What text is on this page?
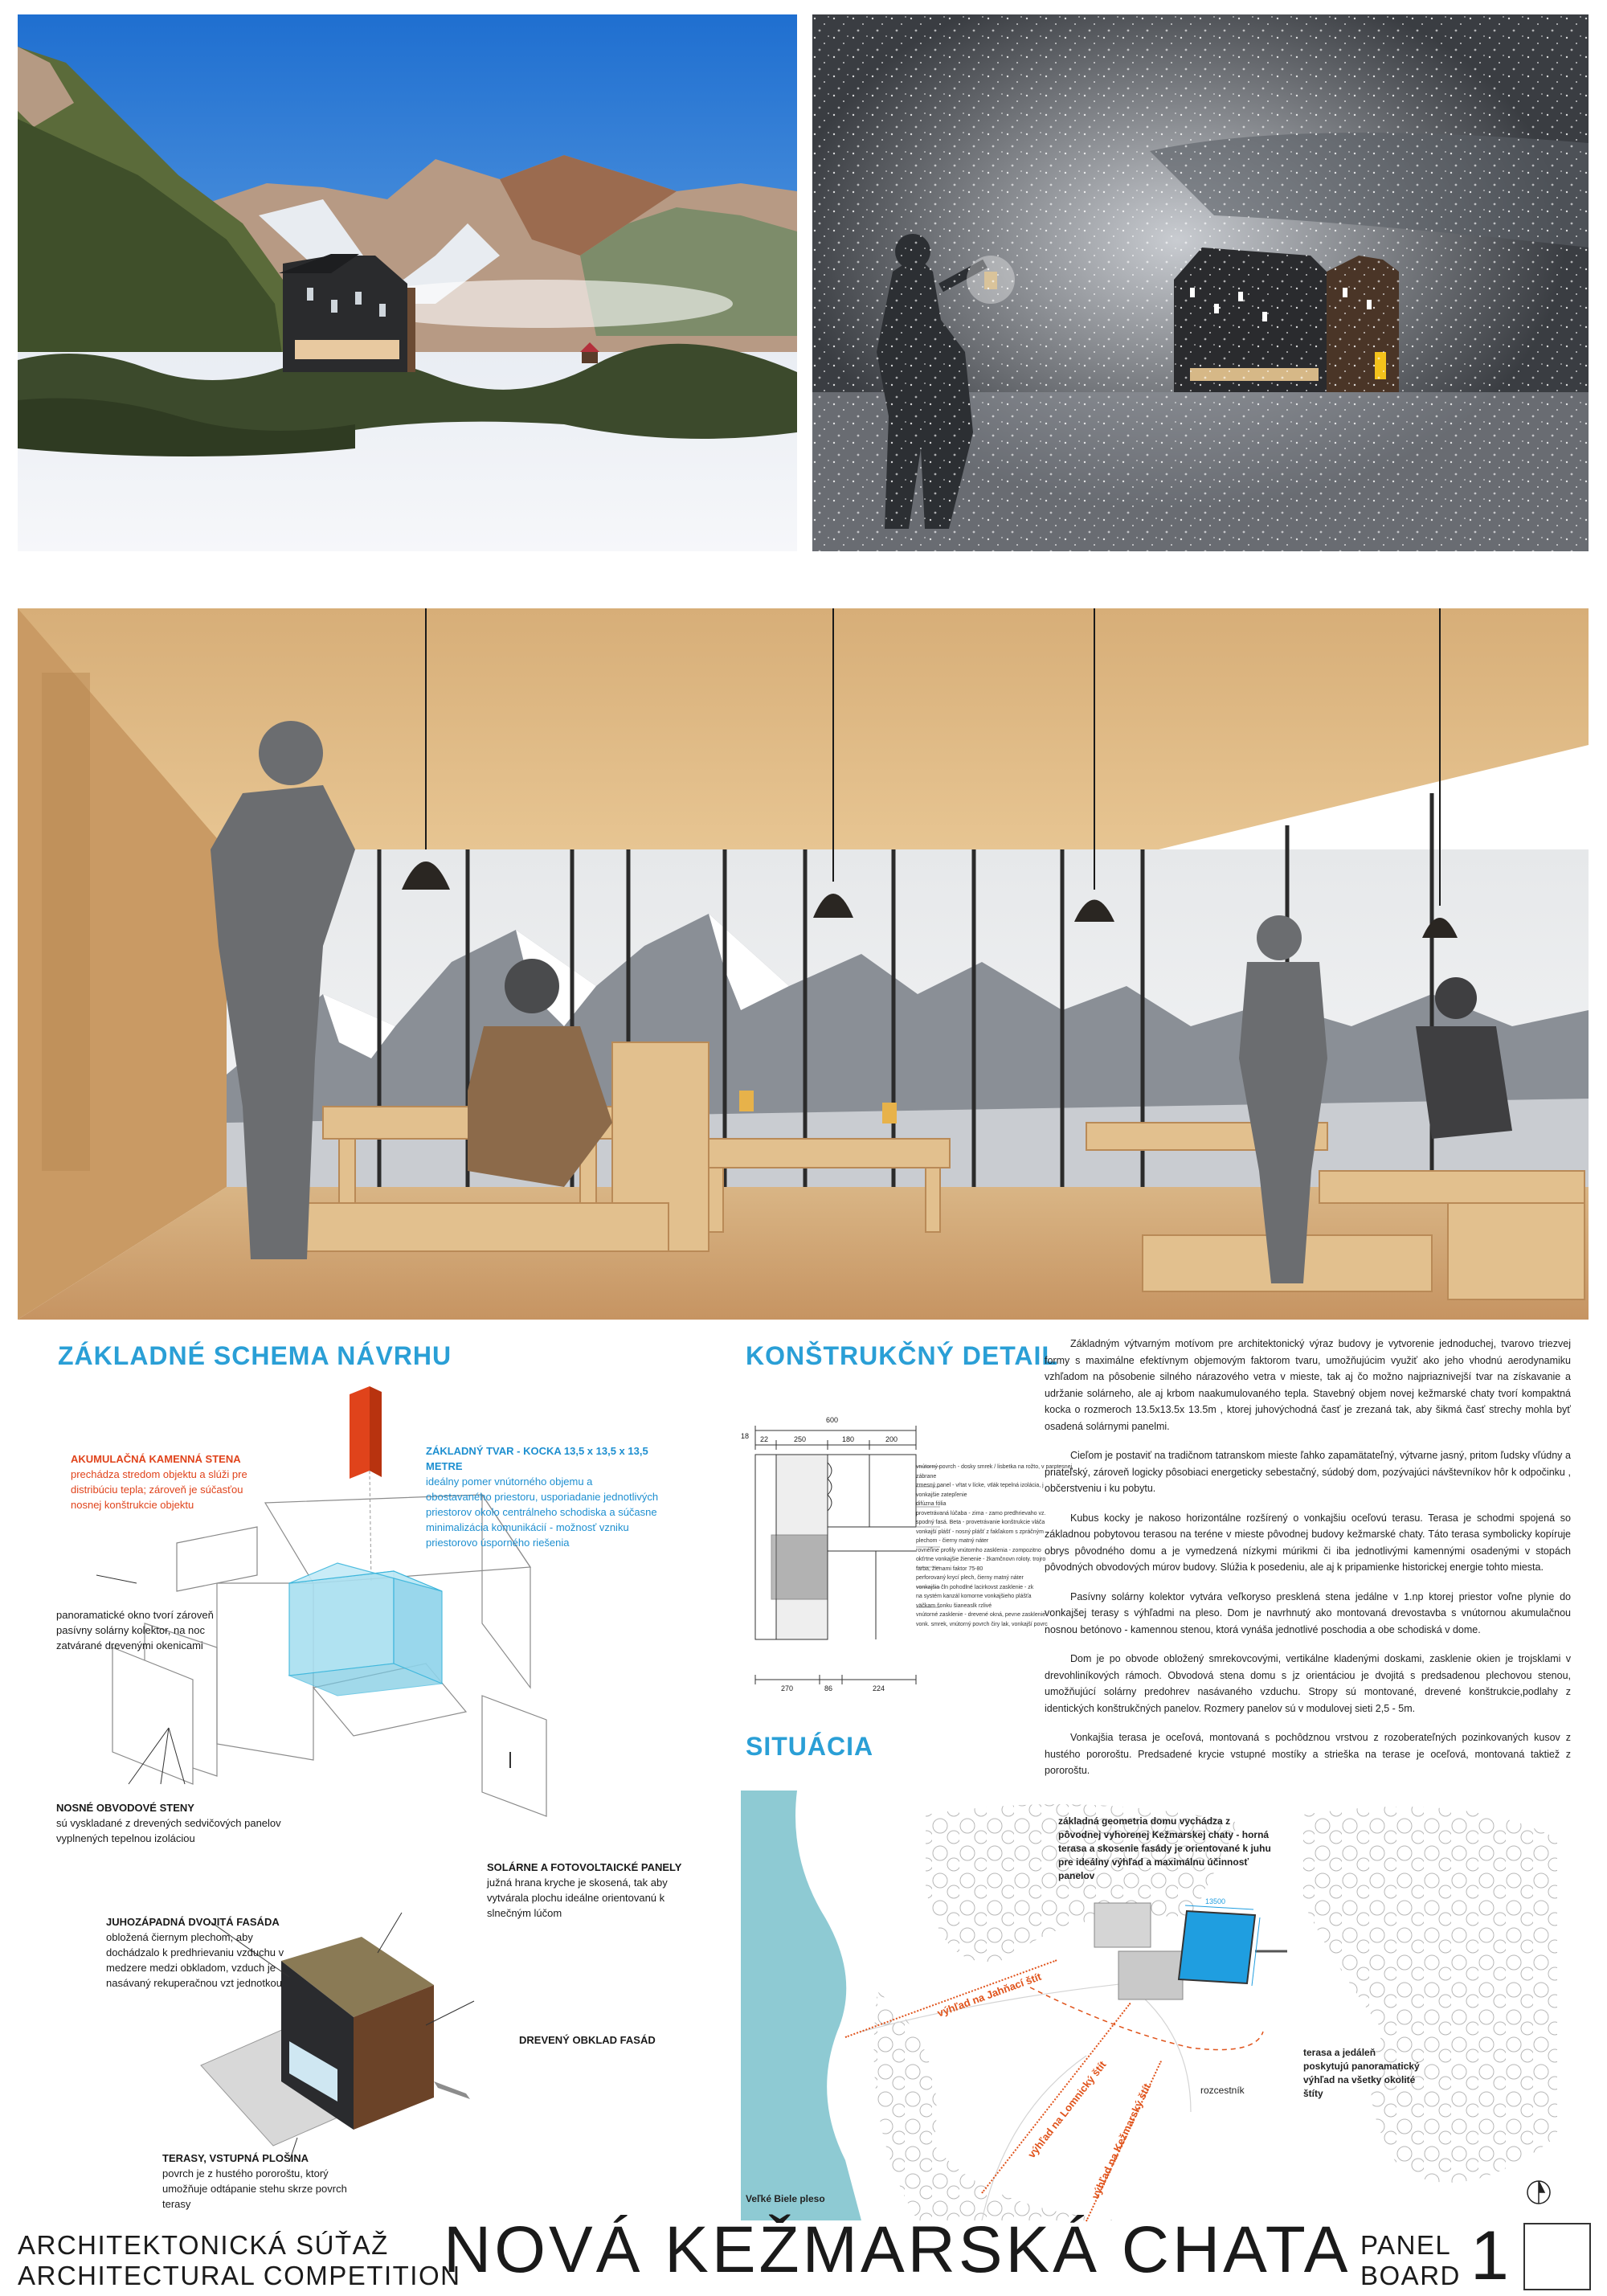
ZÁKLADNÉ SCHEMA NÁVRHU
AKUMULAČNÁ KAMENNÁ STENA
prechádza stredom objektu a slúži pre distribúciu tepla; zároveň je súčasťou nosnej konštrukcie objektu
ZÁKLADNÝ TVAR - KOCKA 13,5 x 13,5 x 13,5 METRE
ideálny pomer vnútorného objemu a obostavaného priestoru, usporiadanie jednotlivých priestorov okolo centrálneho schodiska a súčasne minimalizácia komunikácií - možnosť vzniku priestorovo úsporného riešenia
panoramatické okno tvorí zároveň pasívny solárny kolektor, na noc zatvárané drevenými okenicami
NOSNÉ OBVODOVÉ STENY
sú vyskladané z drevených sedvičových panelov vyplnených tepelnou izoláciou
SOLÁRNE A FOTOVOLTAICKÉ PANELY
južná hrana kryche je skosená, tak aby vytvárala plochu ideálne orientovanú k slnečným lúčom
JUHOZÁPADNÁ DVOJITÁ FASÁDA
obložená čiernym plechom, aby dochádzalo k predhrievaniu vzduchu v medzere medzi obkladom, vzduch je nasávaný rekuperačnou vzt jednotkou
DREVENÝ OBKLAD FASÁD
TERASY, VSTUPNÁ PLOŠINA
povrch je z hustého pororoštu, ktorý umožňuje odtápanie stehu skrze povrch terasy
KONŠTRUKČNÝ DETAIL
600
22	250	180	200
18
270	86	224
vnútorný povrch - dosky smrek / lisbetka na rožto, v parotesnej zábrane
zmesný panel - vŕtat v lícke, vtlák tepelná izolácia, j
vonkajšie zatepľenie
difúzna fólia
provetrávaná lúčaba - zima - zamo predhrievaho vz.
spodný fasá. Beta - provetrávanie konštrukcie vláča
vonkajší plášť - nosný plášť z fakľakom s zpráčným
plechom - čierny matný náter
rovnéľine profily vnútornho zasklenia - zompozitno
okťrtne vonkajšie žienenie - žkamčnovn roloty. trojro
farba, žienami faktor 75-80
perforovaný krycí plech, čierny matný náter
vonkajšia čln pohodlné lacirkovst zasklenie - zk
na systém kanzál komorne vonkajšieho plášťa
väčkam šonku šianeaslk rzlivé
vnútorné zasklenie - drevené okná, pevne zasklenie
vonk. smrek, vnútorný povrch čiry lak, vonkajší povrc

Základným výtvarným motívom pre architektonický výraz budovy je vytvorenie jednoduchej, tvarovo triezvej formy s maximálne efektívnym objemovým faktorom tvaru, umožňujúcim využiť ako jeho vhodnú aerodynamiku vzhľadom na pôsobenie silného nárazového vetra v mieste, tak aj čo možno najpriaznivejší tvar na získavanie a udržanie solárneho, ale aj krbom naakumulovaného tepla. Stavebný objem novej kežmarské chaty tvorí kompaktná kocka o rozmeroch 13.5x13.5x 13.5m , ktorej juhovýchodná časť je zrezaná tak, aby šikmá časť strechy mohla byť osadená solárnymi panelmi.

Cieľom je postaviť na tradičnom tatranskom mieste ľahko zapamätateľný, výtvarne jasný, pritom ľudsky vľúdny a priateľský, zároveň logicky pôsobiaci energeticky sebestačný, súdobý dom, pozývajúci návštevníkov hôr k odpočinku , občerstveniu i ku pobytu.

Kubus kocky je nakoso horizontálne rozšírený o vonkajšiu oceľovú terasu. Terasa je schodmi spojená so základnou pobytovou terasou na teréne v mieste pôvodnej budovy kežmarské chaty. Táto terasa symbolicky kopíruje obrys pôvodného domu a je vymedzená nízkymi múrikmi či iba jednotlivými kamennými osadenými v stopách pôvodných obvodových múrov budovy. Slúžia k posedeniu, ale aj k pripamienke historickej energie tohto miesta.

Pasívny solárny kolektor vytvára veľkoryso presklená stena jedálne v 1.np ktorej priestor voľne plynie do vonkajšej terasy s výhľadmi na pleso. Dom je navrhnutý ako montovaná drevostavba s vnútornou akumulačnou nosnou betónovo - kamennou stenou, ktorá vynáša jednotlivé poschodia a obe schodiská v dome.

Dom je po obvode obložený smrekovcovými, vertikálne kladenými doskami, zasklenie okien je trojsklami v drevohliníkových rámoch. Obvodová stena domu s jz orientáciou je dvojitá s predsadenou plechovou stenou, umožňujúcí solárny predohrev nasávaného vzduchu. Stropy sú montované, drevené konštrukcie,podlahy z identických konštrukčných panelov. Rozmery panelov sú v modulovej sieti 2,5 - 5m.

Vonkajšia terasa je oceľová, montovaná s pochôdznou vrstvou z rozoberateľných pozinkovaných kusov z hustého pororoštu. Predsadené krycie vstupné mostíky a strieška na terase je oceľová, montovaná taktiež z pororoštu.

SITUÁCIA
výhľad na Jahňací štít
výhľad na Lomnický štít
výhľad na Kežmarský štít
13500
základná geometria domu vychádza z pôvodnej vyhorenej Kežmarskej chaty - horná terasa a skosenie fasády je orientované k juhu pre ideálny výhľad a maximálnu účinnosť panelov
terasa a jedáleň poskytujú panoramatický výhľad na všetky okolité štíty
rozcestník
Veľké Biele pleso
ARCHITEKTONICKÁ SÚŤAŽ
ARCHITECTURAL COMPETITION
NOVÁ KEŽMARSKÁ CHATA PANEL
BOARD 1
